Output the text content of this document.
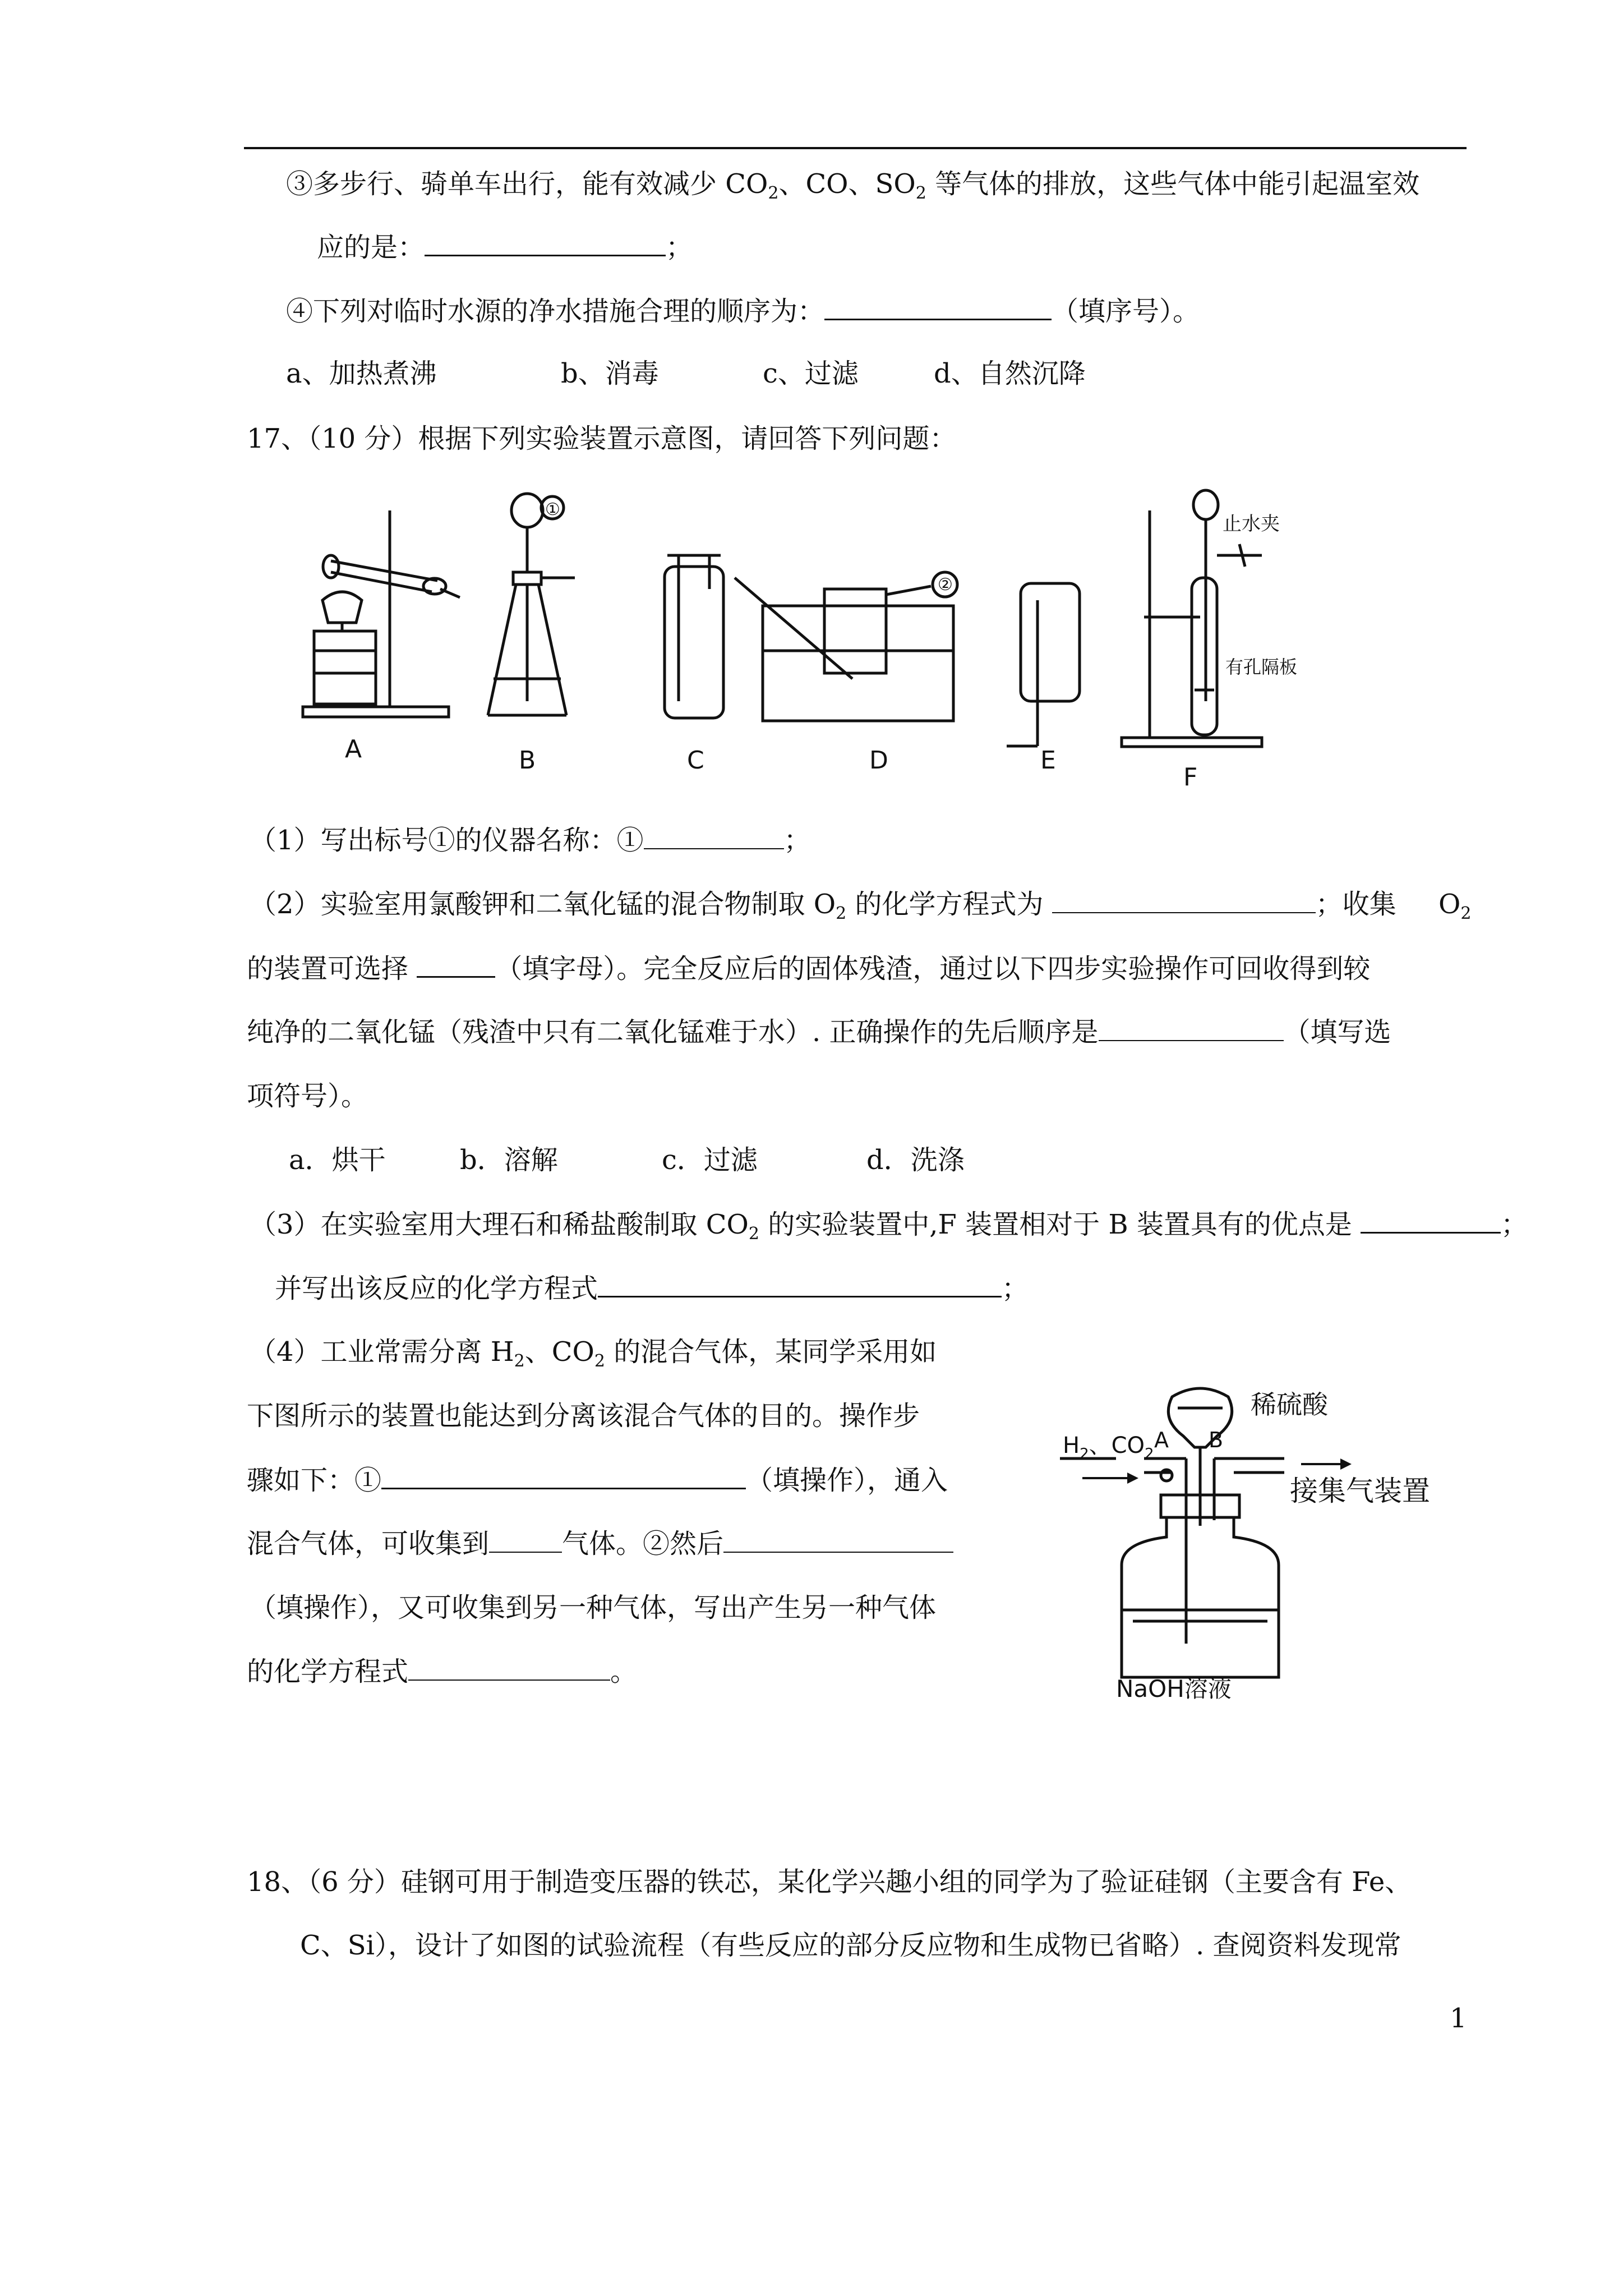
③多步行、骑单车出行，能有效减少 $CO_2$、CO、$SO_2$ 等气体的排放，这些气体中能引起温室效
应的是：	；
④下列对临时水源的净水措施合理的顺序为：	（填序号）。
a、加热煮沸	b、消毒	c、过滤	d、自然沉降
17、（10 分）根据下列实验装置示意图，请回答下列问题：
A	B	C	D	E
F
①
②
止水夹
有孔隔板
（1）写出标号①的仪器名称：①	；
（2）实验室用氯酸钾和二氧化锰的混合物制取 $O_2$ 的化学方程式为	；收集 $O_2$
的装置可选择	（填字母）。完全反应后的固体残渣，通过以下四步实验操作可回收得到较
纯净的二氧化锰（残渣中只有二氧化锰难于水）. 正确操作的先后顺序是	（填写选
项符号）。
a．烘干	b．溶解	c．过滤	d．洗涤
（3）在实验室用大理石和稀盐酸制取 $CO_2$ 的实验装置中,F 装置相对于 B 装置具有的优点是	；
并写出该反应的化学方程式	；
（4）工业常需分离 $H_2$、$CO_2$ 的混合气体，某同学采用如
下图所示的装置也能达到分离该混合气体的目的。操作步
骤如下：①	（填操作），通入
混合气体，可收集到	气体。②然后
（填操作），又可收集到另一种气体，写出产生另一种气体
的化学方程式	。
稀硫酸
$H_2$、$CO_2$
A B
接集气装置
NaOH溶液
18、（6 分）硅钢可用于制造变压器的铁芯，某化学兴趣小组的同学为了验证硅钢（主要含有 Fe、
C、Si），设计了如图的试验流程（有些反应的部分反应物和生成物已省略）. 查阅资料发现常
1
